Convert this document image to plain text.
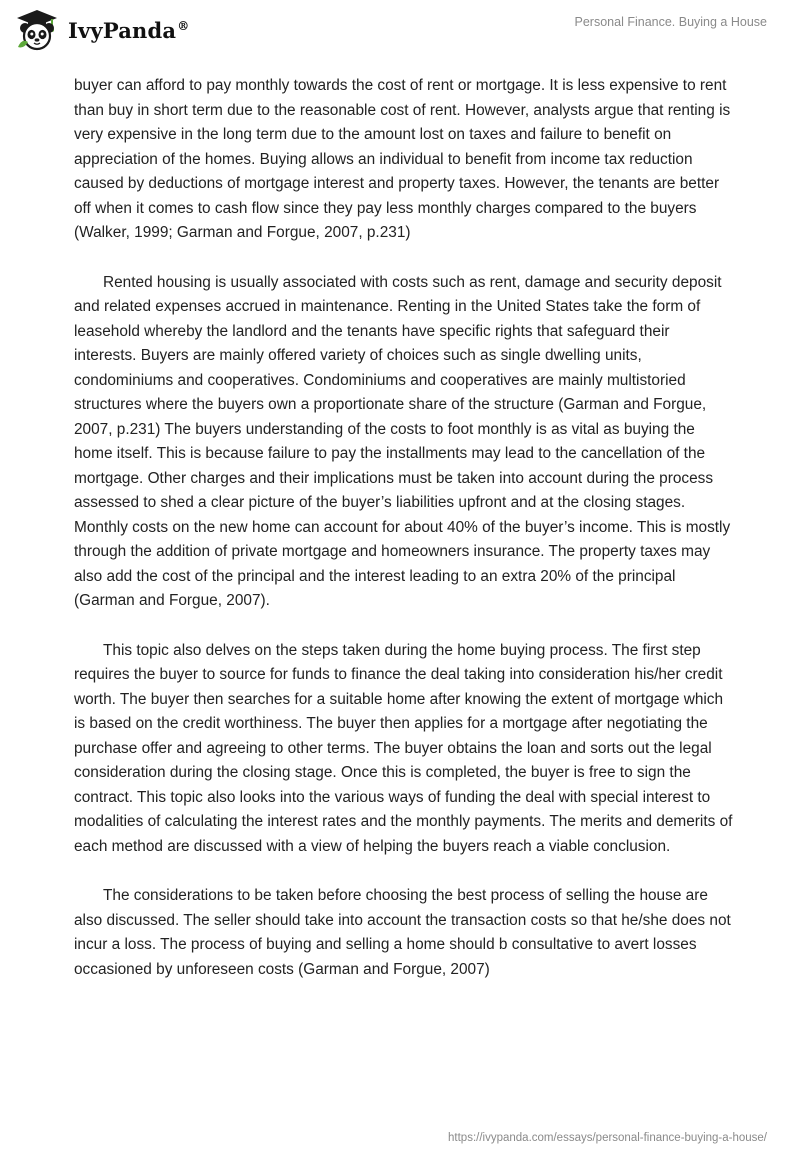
IvyPanda®	Personal Finance. Buying a House

buyer can afford to pay monthly towards the cost of rent or mortgage. It is less expensive to rent than buy in short term due to the reasonable cost of rent. However, analysts argue that renting is very expensive in the long term due to the amount lost on taxes and failure to benefit on appreciation of the homes. Buying allows an individual to benefit from income tax reduction caused by deductions of mortgage interest and property taxes. However, the tenants are better off when it comes to cash flow since they pay less monthly charges compared to the buyers (Walker, 1999; Garman and Forgue, 2007, p.231)

Rented housing is usually associated with costs such as rent, damage and security deposit and related expenses accrued in maintenance. Renting in the United States take the form of leasehold whereby the landlord and the tenants have specific rights that safeguard their interests. Buyers are mainly offered variety of choices such as single dwelling units, condominiums and cooperatives. Condominiums and cooperatives are mainly multistoried structures where the buyers own a proportionate share of the structure (Garman and Forgue, 2007, p.231) The buyers understanding of the costs to foot monthly is as vital as buying the home itself. This is because failure to pay the installments may lead to the cancellation of the mortgage. Other charges and their implications must be taken into account during the process assessed to shed a clear picture of the buyer’s liabilities upfront and at the closing stages. Monthly costs on the new home can account for about 40% of the buyer’s income. This is mostly through the addition of private mortgage and homeowners insurance. The property taxes may also add the cost of the principal and the interest leading to an extra 20% of the principal (Garman and Forgue, 2007).

This topic also delves on the steps taken during the home buying process. The first step requires the buyer to source for funds to finance the deal taking into consideration his/her credit worth. The buyer then searches for a suitable home after knowing the extent of mortgage which is based on the credit worthiness. The buyer then applies for a mortgage after negotiating the purchase offer and agreeing to other terms. The buyer obtains the loan and sorts out the legal consideration during the closing stage. Once this is completed, the buyer is free to sign the contract. This topic also looks into the various ways of funding the deal with special interest to modalities of calculating the interest rates and the monthly payments. The merits and demerits of each method are discussed with a view of helping the buyers reach a viable conclusion.

The considerations to be taken before choosing the best process of selling the house are also discussed. The seller should take into account the transaction costs so that he/she does not incur a loss. The process of buying and selling a home should b consultative to avert losses occasioned by unforeseen costs (Garman and Forgue, 2007)

https://ivypanda.com/essays/personal-finance-buying-a-house/
